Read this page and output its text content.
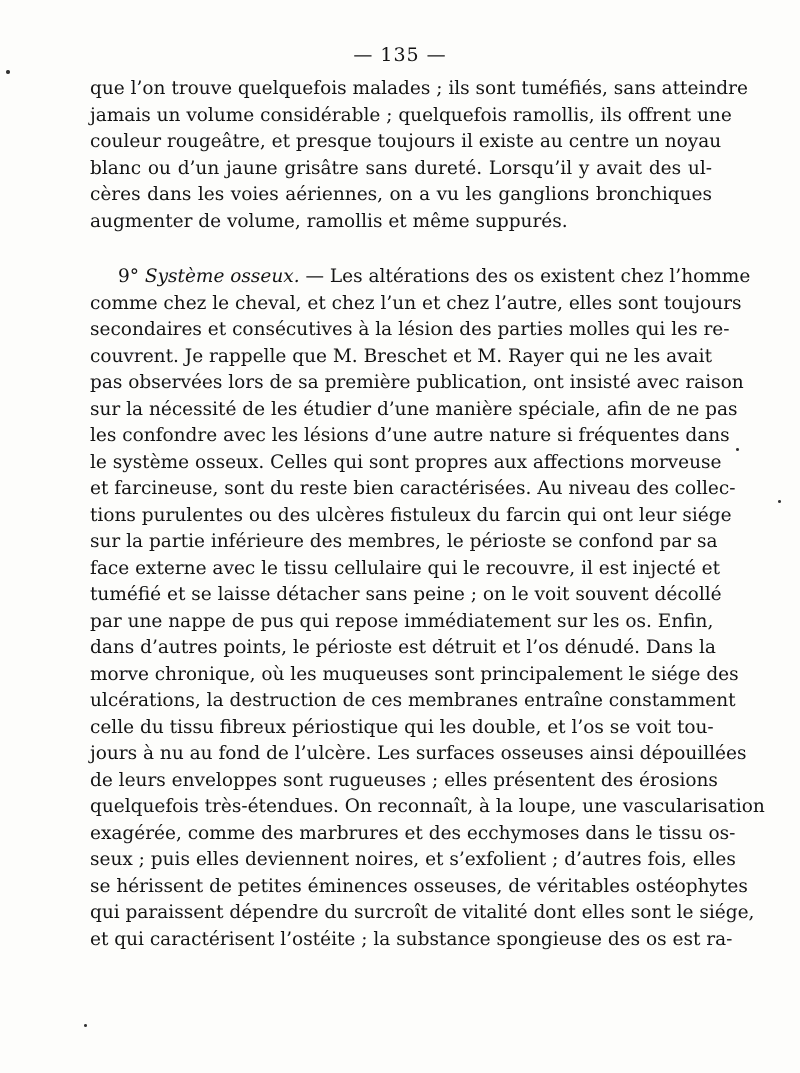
— 135 —
que l’on trouve quelquefois malades ; ils sont tuméfiés, sans atteindre
jamais un volume considérable ; quelquefois ramollis, ils offrent une
couleur rougeâtre, et presque toujours il existe au centre un noyau
blanc ou d’un jaune grisâtre sans dureté. Lorsqu’il y avait des ul-
cères dans les voies aériennes, on a vu les ganglions bronchiques
augmenter de volume, ramollis et même suppurés.
9° Système osseux. — Les altérations des os existent chez l’homme
comme chez le cheval, et chez l’un et chez l’autre, elles sont toujours
secondaires et consécutives à la lésion des parties molles qui les re-
couvrent. Je rappelle que M. Breschet et M. Rayer qui ne les avait
pas observées lors de sa première publication, ont insisté avec raison
sur la nécessité de les étudier d’une manière spéciale, afin de ne pas
les confondre avec les lésions d’une autre nature si fréquentes dans
le système osseux. Celles qui sont propres aux affections morveuse
et farcineuse, sont du reste bien caractérisées. Au niveau des collec-
tions purulentes ou des ulcères fistuleux du farcin qui ont leur siége
sur la partie inférieure des membres, le périoste se confond par sa
face externe avec le tissu cellulaire qui le recouvre, il est injecté et
tuméfié et se laisse détacher sans peine ; on le voit souvent décollé
par une nappe de pus qui repose immédiatement sur les os. Enfin,
dans d’autres points, le périoste est détruit et l’os dénudé. Dans la
morve chronique, où les muqueuses sont principalement le siége des
ulcérations, la destruction de ces membranes entraîne constamment
celle du tissu fibreux périostique qui les double, et l’os se voit tou-
jours à nu au fond de l’ulcère. Les surfaces osseuses ainsi dépouillées
de leurs enveloppes sont rugueuses ; elles présentent des érosions
quelquefois très-étendues. On reconnaît, à la loupe, une vascularisation
exagérée, comme des marbrures et des ecchymoses dans le tissu os-
seux ; puis elles deviennent noires, et s’exfolient ; d’autres fois, elles
se hérissent de petites éminences osseuses, de véritables ostéophytes
qui paraissent dépendre du surcroît de vitalité dont elles sont le siége,
et qui caractérisent l’ostéite ; la substance spongieuse des os est ra-
